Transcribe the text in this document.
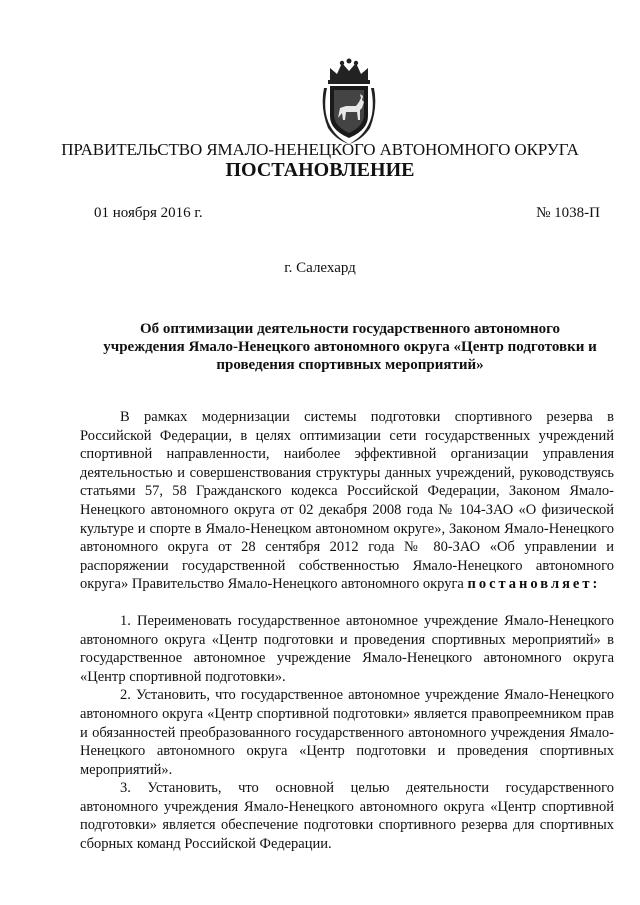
ПРАВИТЕЛЬСТВО ЯМАЛО-НЕНЕЦКОГО АВТОНОМНОГО ОКРУГА
ПОСТАНОВЛЕНИЕ
01 ноября 2016 г.	№ 1038-П
г. Салехард
Об оптимизации деятельности государственного автономного учреждения Ямало-Ненецкого автономного округа «Центр подготовки и проведения спортивных мероприятий»

В рамках модернизации системы подготовки спортивного резерва в Российской Федерации, в целях оптимизации сети государственных учреждений спортивной направленности, наиболее эффективной организации управления деятельностью и совершенствования структуры данных учреждений, руководствуясь статьями 57, 58 Гражданского кодекса Российской Федерации, Законом Ямало-Ненецкого автономного округа от 02 декабря 2008 года № 104-ЗАО «О физической культуре и спорте в Ямало-Ненецком автономном округе», Законом Ямало-Ненецкого автономного округа от 28 сентября 2012 года № 80-ЗАО «Об управлении и распоряжении государственной собственностью Ямало-Ненецкого автономного округа» Правительство Ямало-Ненецкого автономного округа постановляет:

1. Переименовать государственное автономное учреждение Ямало-Ненецкого автономного округа «Центр подготовки и проведения спортивных мероприятий» в государственное автономное учреждение Ямало-Ненецкого автономного округа «Центр спортивной подготовки».

2. Установить, что государственное автономное учреждение Ямало-Ненецкого автономного округа «Центр спортивной подготовки» является правопреемником прав и обязанностей преобразованного государственного автономного учреждения Ямало-Ненецкого автономного округа «Центр подготовки и проведения спортивных мероприятий».

3. Установить, что основной целью деятельности государственного автономного учреждения Ямало-Ненецкого автономного округа «Центр спортивной подготовки» является обеспечение подготовки спортивного резерва для спортивных сборных команд Российской Федерации.
